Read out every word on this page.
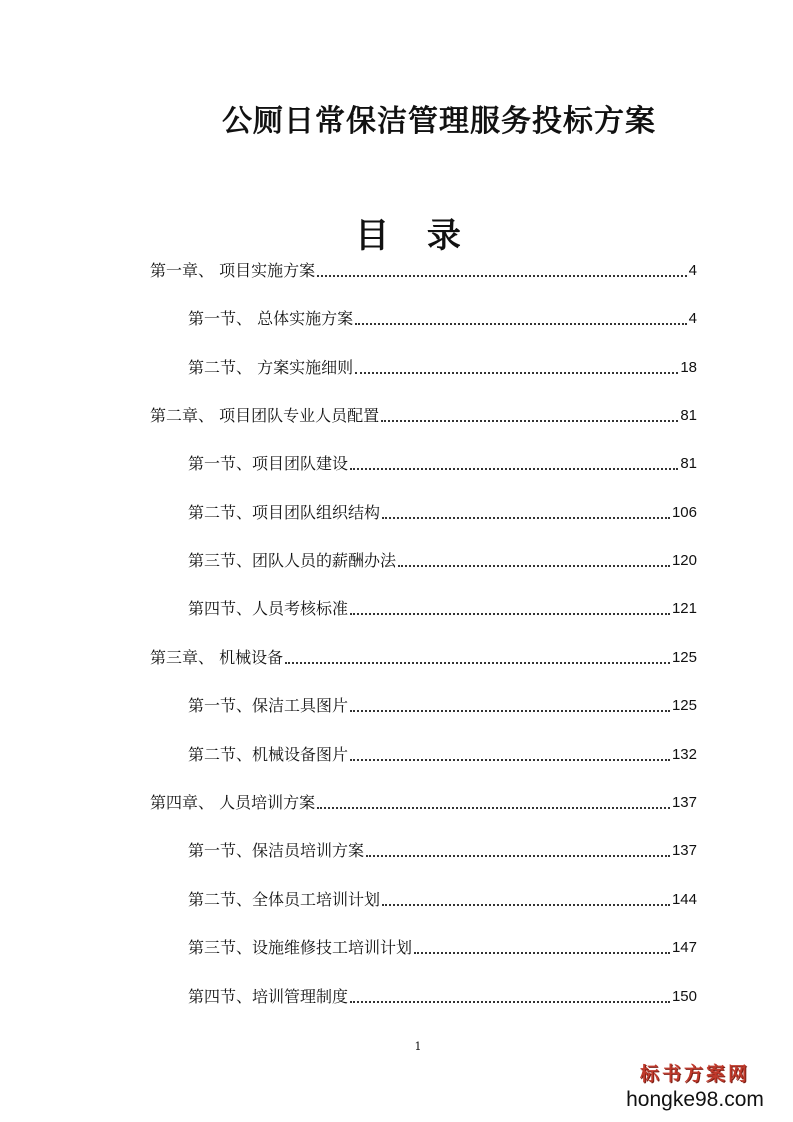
公厕日常保洁管理服务投标方案
目 录
第一章、 项目实施方案	4
第一节、 总体实施方案	4
第二节、 方案实施细则	18
第二章、 项目团队专业人员配置	81
第一节、项目团队建设	81
第二节、项目团队组织结构	106
第三节、团队人员的薪酬办法	120
第四节、人员考核标准	121
第三章、 机械设备	125
第一节、保洁工具图片	125
第二节、机械设备图片	132
第四章、 人员培训方案	137
第一节、保洁员培训方案	137
第二节、全体员工培训计划	144
第三节、设施维修技工培训计划	147
第四节、培训管理制度	150
1
标书方案网
hongke98.com
